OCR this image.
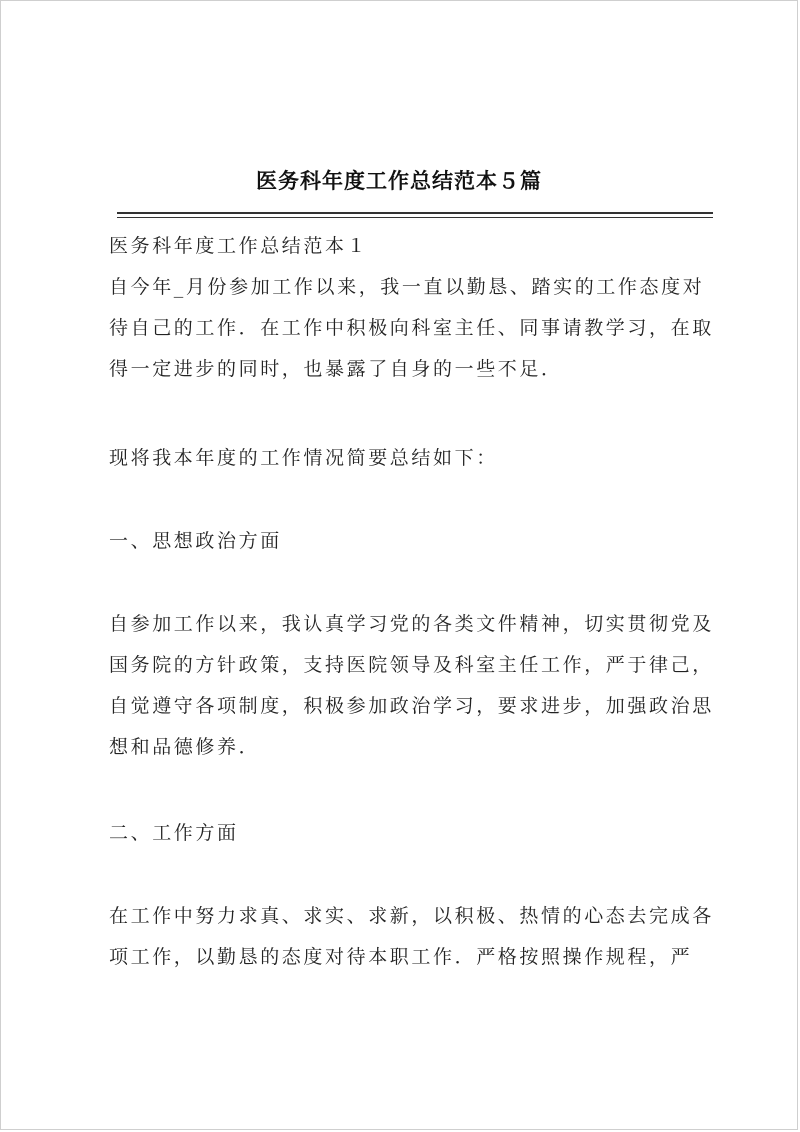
医务科年度工作总结范本５篇
医务科年度工作总结范本１
自今年_月份参加工作以来，我一直以勤恳、踏实的工作态度对
待自己的工作．在工作中积极向科室主任、同事请教学习，在取
得一定进步的同时，也暴露了自身的一些不足．
现将我本年度的工作情况简要总结如下：
一、思想政治方面
自参加工作以来，我认真学习党的各类文件精神，切实贯彻党及
国务院的方针政策，支持医院领导及科室主任工作，严于律己，
自觉遵守各项制度，积极参加政治学习，要求进步，加强政治思
想和品德修养．
二、工作方面
在工作中努力求真、求实、求新，以积极、热情的心态去完成各
项工作，以勤恳的态度对待本职工作．严格按照操作规程，严
